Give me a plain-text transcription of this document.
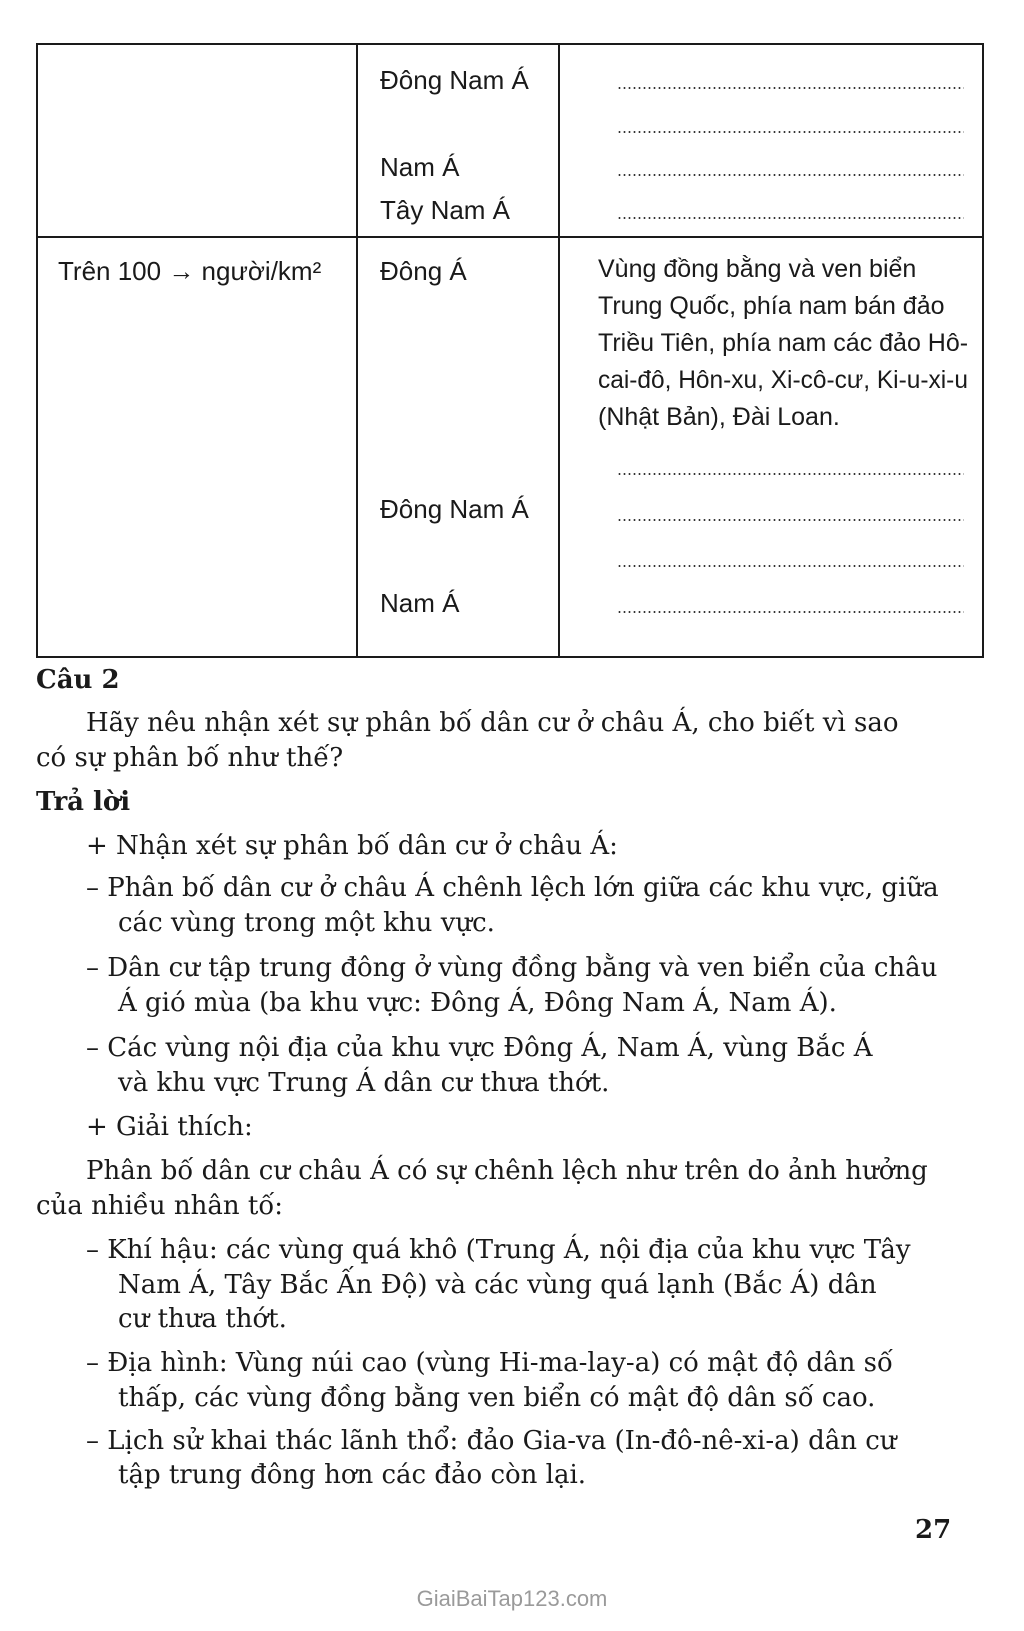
Đông Nam Á
Nam Á
Tây Nam Á
Trên 100 → người/km² Đông Á	Vùng đồng bằng và ven biển
Trung Quốc, phía nam bán đảo
Triều Tiên, phía nam các đảo Hô-
cai-đô, Hôn-xu, Xi-cô-cư, Ki-u-xi-u
(Nhật Bản), Đài Loan.
Đông Nam Á
Nam Á
Câu 2
Hãy nêu nhận xét sự phân bố dân cư ở châu Á, cho biết vì sao
có sự phân bố như thế?
Trả lời
+ Nhận xét sự phân bố dân cư ở châu Á:
– Phân bố dân cư ở châu Á chênh lệch lớn giữa các khu vực, giữa
các vùng trong một khu vực.
– Dân cư tập trung đông ở vùng đồng bằng và ven biển của châu
Á gió mùa (ba khu vực: Đông Á, Đông Nam Á, Nam Á).
– Các vùng nội địa của khu vực Đông Á, Nam Á, vùng Bắc Á
và khu vực Trung Á dân cư thưa thớt.
+ Giải thích:
Phân bố dân cư châu Á có sự chênh lệch như trên do ảnh hưởng
của nhiều nhân tố:
– Khí hậu: các vùng quá khô (Trung Á, nội địa của khu vực Tây
Nam Á, Tây Bắc Ấn Độ) và các vùng quá lạnh (Bắc Á) dân
cư thưa thớt.
– Địa hình: Vùng núi cao (vùng Hi-ma-lay-a) có mật độ dân số
thấp, các vùng đồng bằng ven biển có mật độ dân số cao.
– Lịch sử khai thác lãnh thổ: đảo Gia-va (In-đô-nê-xi-a) dân cư
tập trung đông hơn các đảo còn lại.
27
GiaiBaiTap123.com
